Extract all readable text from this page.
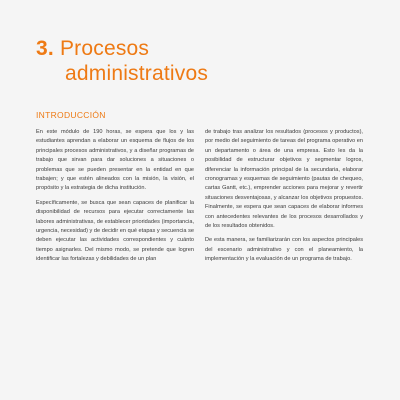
3. Procesos
administrativos
INTRODUCCIÓN

En este módulo de 190 horas, se espera que los y las estudiantes aprendan a elaborar un esquema de flujos de los principales procesos administrativos, y a diseñar programas de trabajo que sirvan para dar soluciones a situaciones o problemas que se pueden presentar en la entidad en que trabajen; y que estén alineados con la misión, la visión, el propósito y la estrategia de dicha institución.

Específicamente, se busca que sean capaces de planificar la disponibilidad de recursos para ejecutar correctamente las labores administrativas, de establecer prioridades (importancia, urgencia, necesidad) y de decidir en qué etapas y secuencia se deben ejecutar las actividades correspondientes y cuánto tiempo asignarles. Del mismo modo, se pretende que logren identificar las fortalezas y debilidades de un plan

de trabajo tras analizar los resultados (procesos y productos), por medio del seguimiento de tareas del programa operativo en un departamento o área de una empresa. Esto les da la posibilidad de estructurar objetivos y segmentar logros, diferenciar la información principal de la secundaria, elaborar cronogramas y esquemas de seguimiento (pautas de chequeo, cartas Gantt, etc.), emprender acciones para mejorar y revertir situaciones desventajosas, y alcanzar los objetivos propuestos. Finalmente, se espera que sean capaces de elaborar informes con antecedentes relevantes de los procesos desarrollados y de los resultados obtenidos.

De esta manera, se familiarizarán con los aspectos principales del escenario administrativo y con el planeamiento, la implementación y la evaluación de un programa de trabajo.
